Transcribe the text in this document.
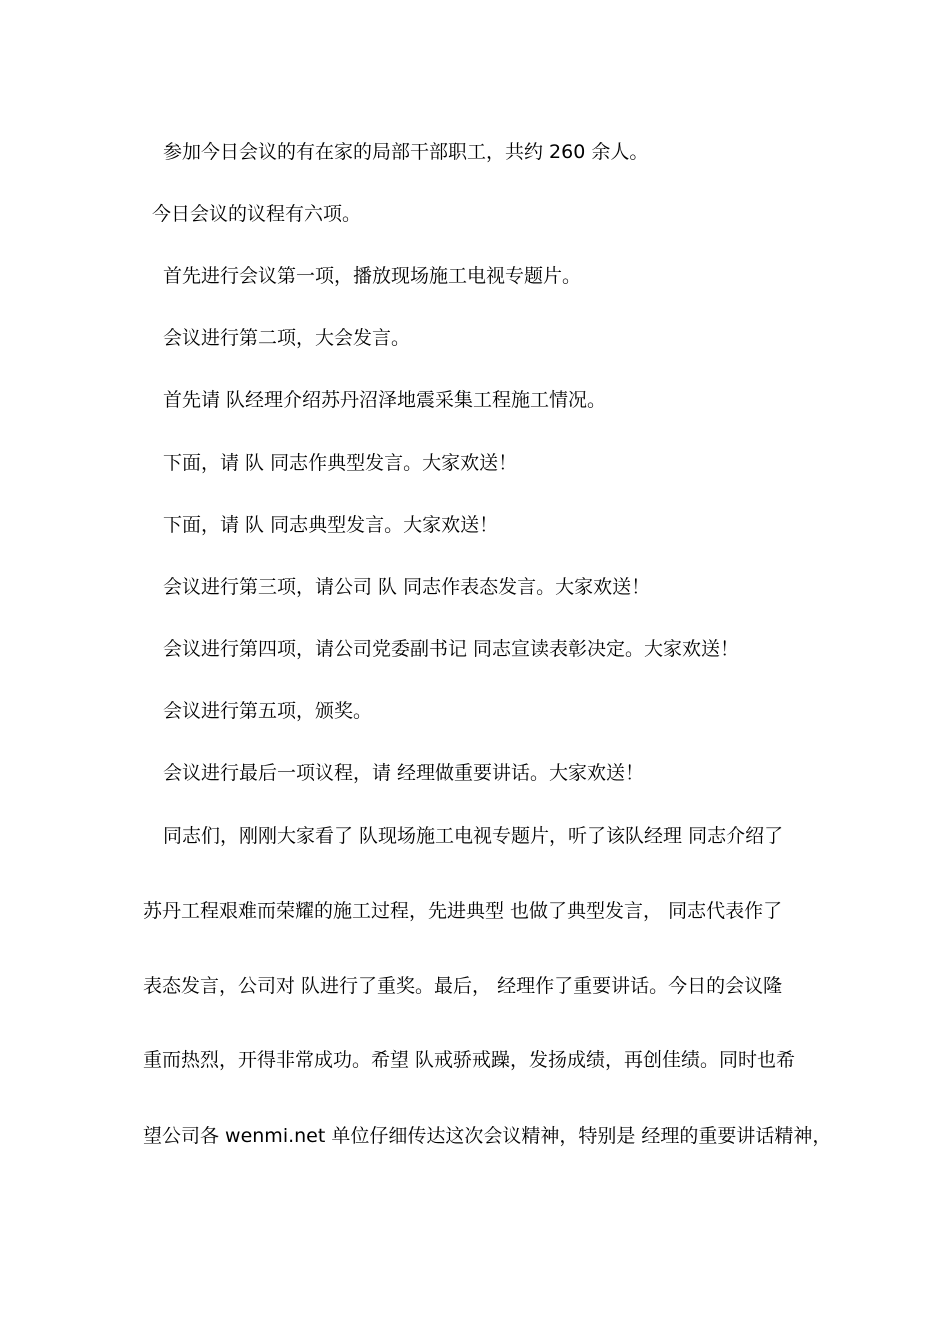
参加今日会议的有在家的局部干部职工，共约 260 余人。
今日会议的议程有六项。
首先进行会议第一项，播放现场施工电视专题片。
会议进行第二项，大会发言。
首先请 队经理介绍苏丹沼泽地震采集工程施工情况。
下面，请 队 同志作典型发言。大家欢送！
下面，请 队 同志典型发言。大家欢送！
会议进行第三项，请公司 队 同志作表态发言。大家欢送！
会议进行第四项，请公司党委副书记 同志宣读表彰决定。大家欢送！
会议进行第五项，颁奖。
会议进行最后一项议程，请 经理做重要讲话。大家欢送！
同志们，刚刚大家看了 队现场施工电视专题片，听了该队经理 同志介绍了
苏丹工程艰难而荣耀的施工过程，先进典型 也做了典型发言， 同志代表作了
表态发言，公司对 队进行了重奖。最后， 经理作了重要讲话。今日的会议隆
重而热烈，开得非常成功。希望 队戒骄戒躁，发扬成绩，再创佳绩。同时也希
望公司各 wenmi.net 单位仔细传达这次会议精神，特别是 经理的重要讲话精神，
